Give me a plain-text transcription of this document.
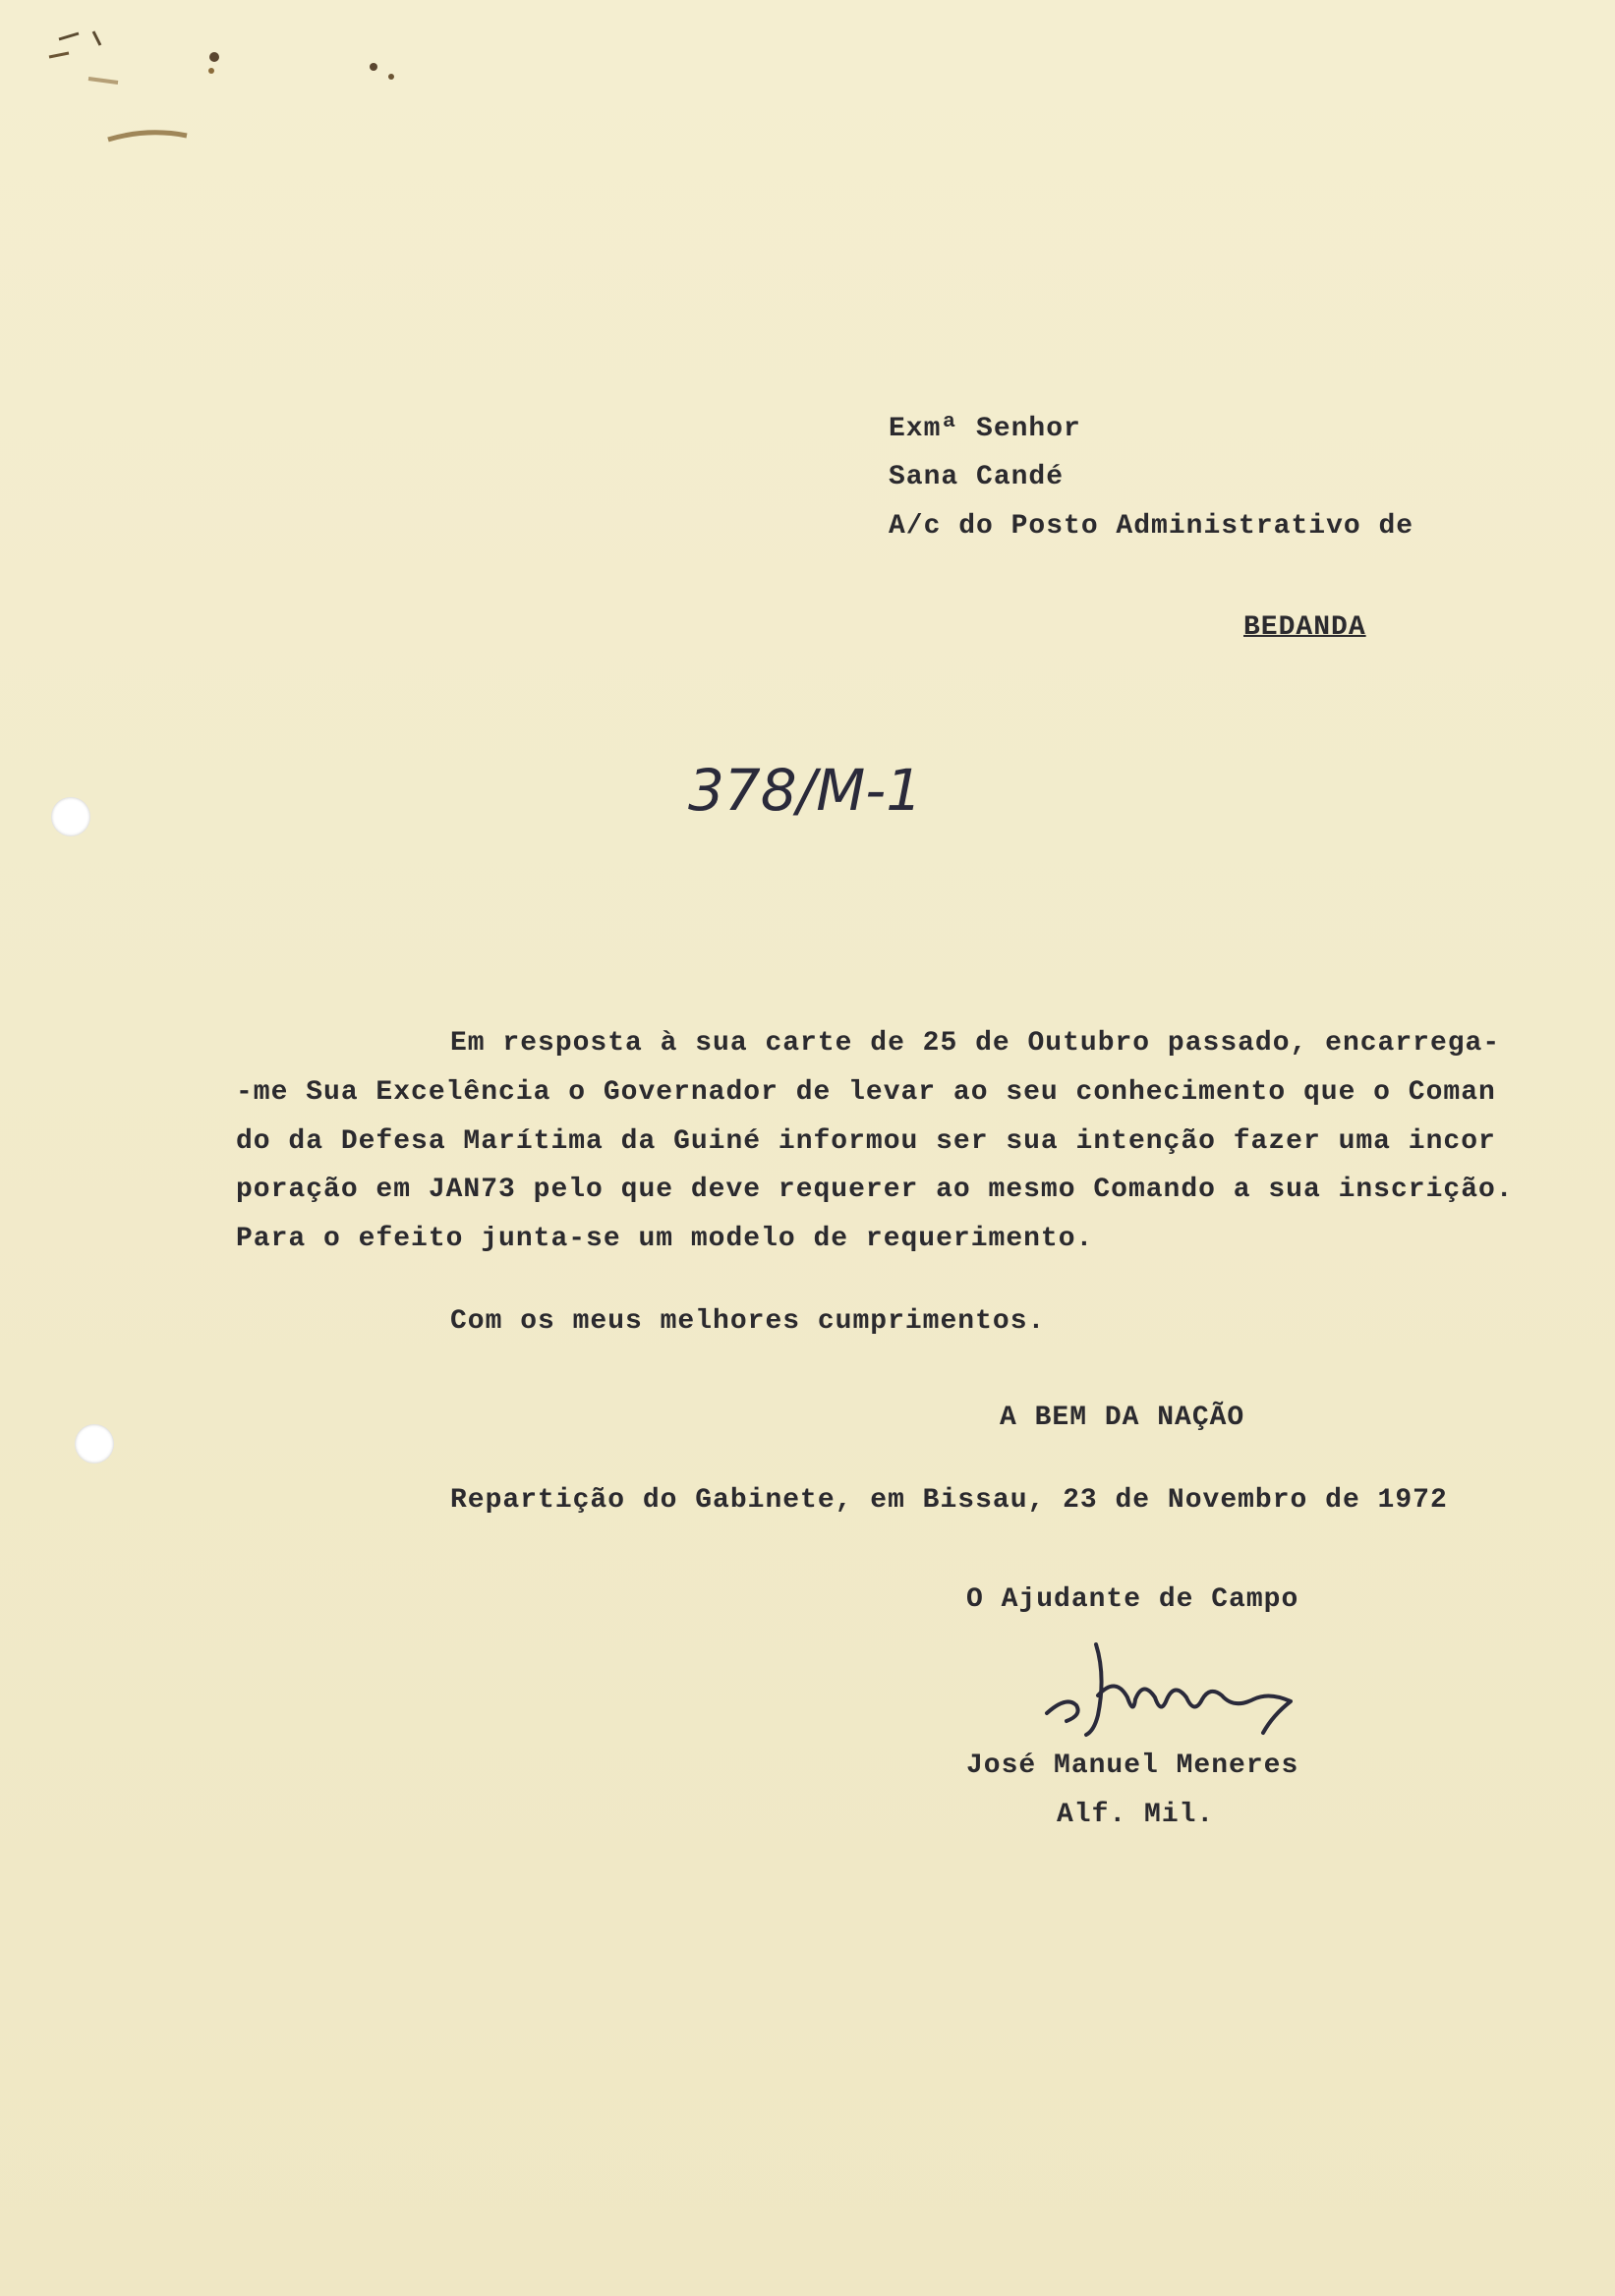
Exmª Senhor
Sana Candé
A/c do Posto Administrativo de
BEDANDA
378/M-1
Em resposta à sua carte de 25 de Outubro passado, encarrega-
-me Sua Excelência o Governador de levar ao seu conhecimento que o Coman
do da Defesa Marítima da Guiné informou ser sua intenção fazer uma incor
poração em JAN73 pelo que deve requerer ao mesmo Comando a sua inscrição.
Para o efeito junta-se um modelo de requerimento.
Com os meus melhores cumprimentos.
A BEM DA NAÇÃO
Repartição do Gabinete, em Bissau, 23 de Novembro de 1972
O Ajudante de Campo
José Manuel Meneres
Alf. Mil.
